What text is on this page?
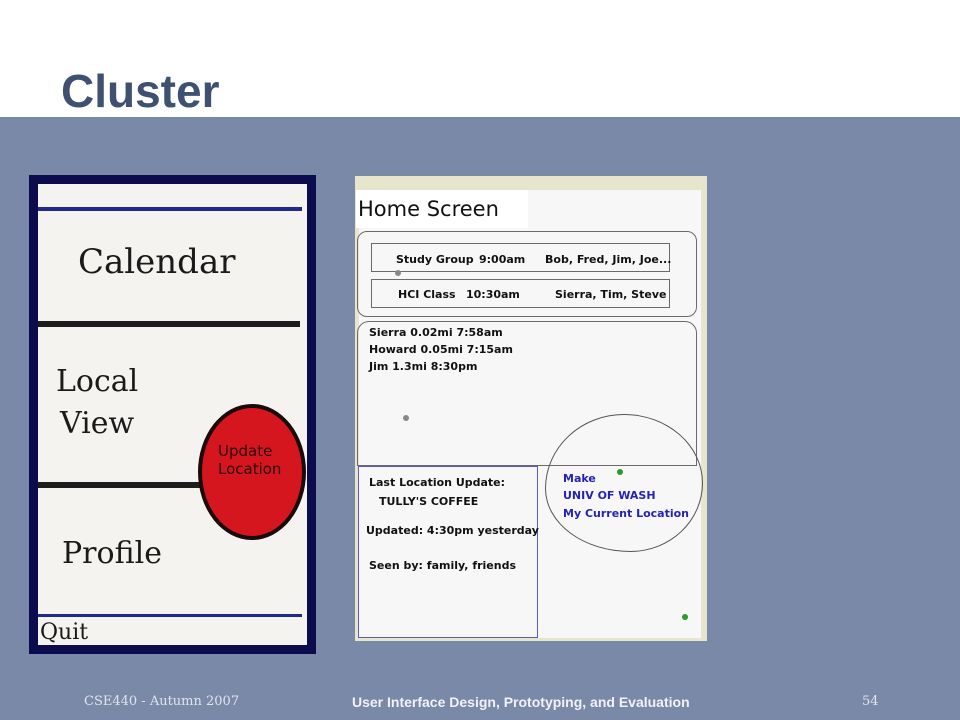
Cluster
Calendar
Local
View
Update Location
Profile
Quit
Home Screen
Study Group 9:00am Bob, Fred, Jim, Joe...
HCI Class 10:30am	Sierra, Tim, Steve
Sierra 0.02mi 7:58am
Howard 0.05mi 7:15am
Jim 1.3mi 8:30pm
Last Location Update:
TULLY'S COFFEE
Updated: 4:30pm yesterday
Seen by: family, friends
Make
UNIV OF WASH
My Current Location
CSE440 - Autumn 2007	User Interface Design, Prototyping, and Evaluation	54
